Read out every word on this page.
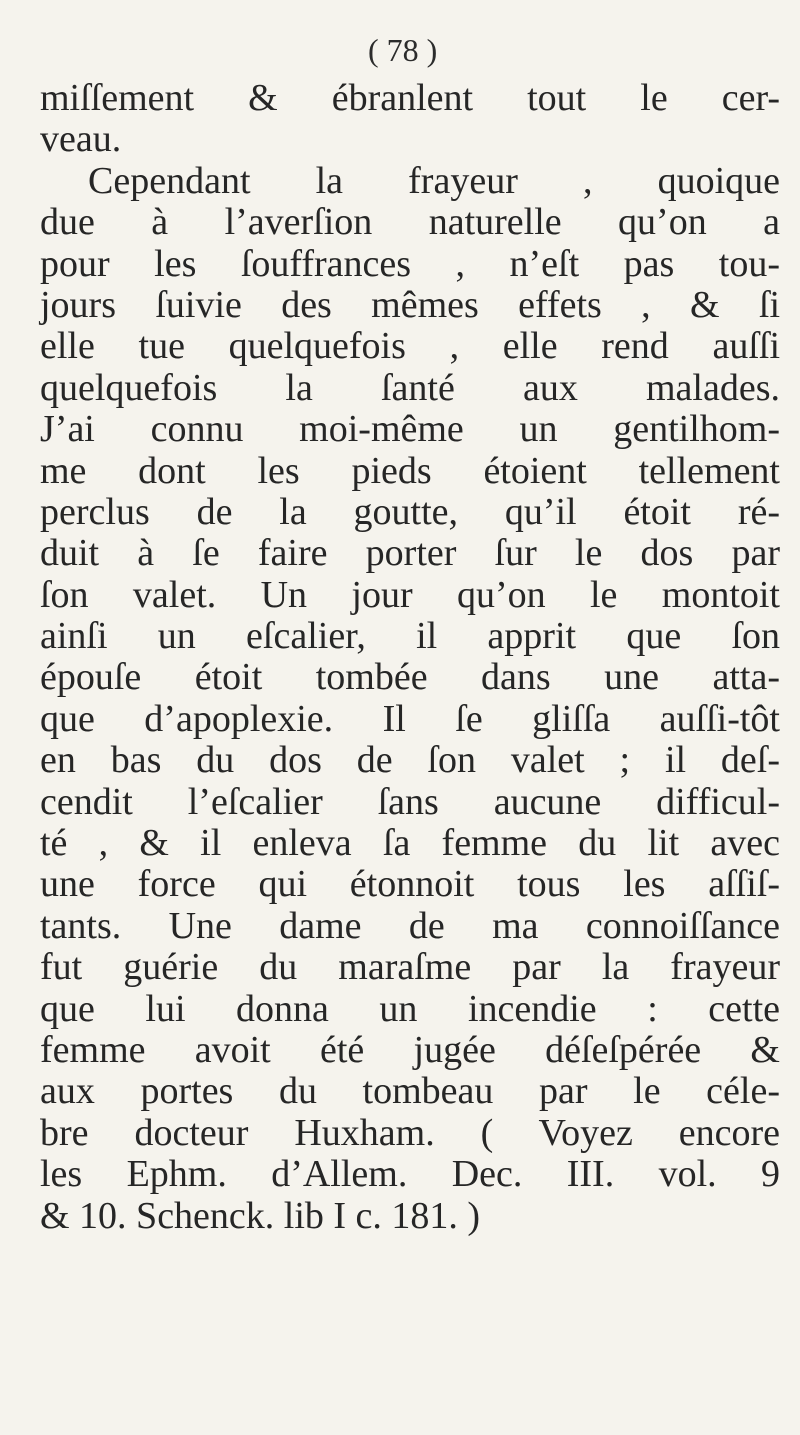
( 78 )
miſſement & ébranlent tout le cer-
veau.
Cependant la frayeur , quoique
due à l’averſion naturelle qu’on a
pour les ſouffrances , n’eſt pas tou-
jours ſuivie des mêmes effets , & ſi
elle tue quelquefois , elle rend auſſi
quelquefois la ſanté aux malades.
J’ai connu moi-même un gentilhom-
me dont les pieds étoient tellement
perclus de la goutte, qu’il étoit ré-
duit à ſe faire porter ſur le dos par
ſon valet. Un jour qu’on le montoit
ainſi un eſcalier, il apprit que ſon
épouſe étoit tombée dans une atta-
que d’apoplexie. Il ſe gliſſa auſſi-tôt
en bas du dos de ſon valet ; il deſ-
cendit l’eſcalier ſans aucune difficul-
té , & il enleva ſa femme du lit avec
une force qui étonnoit tous les aſſiſ-
tants. Une dame de ma connoiſſance
fut guérie du maraſme par la frayeur
que lui donna un incendie : cette
femme avoit été jugée déſeſpérée &
aux portes du tombeau par le céle-
bre docteur Huxham. ( Voyez encore
les Ephm. d’Allem. Dec. III. vol. 9
& 10. Schenck. lib I c. 181. )
